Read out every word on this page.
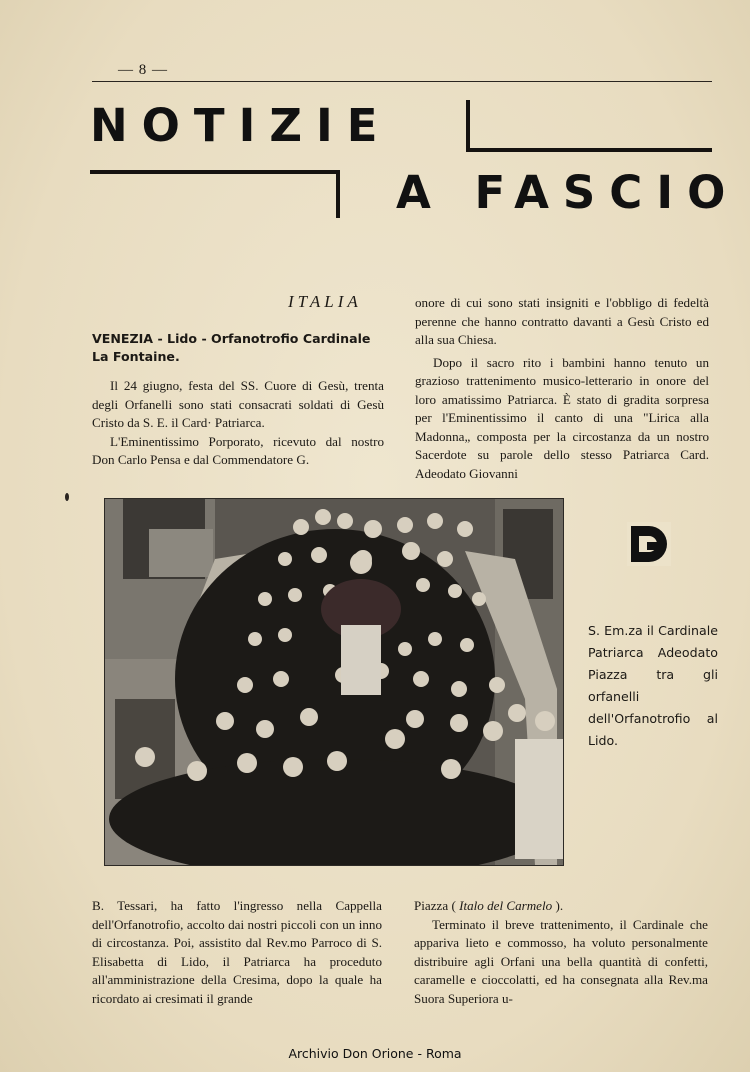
— 8 —
NOTIZIE
A FASCIO
ITALIA
VENEZIA - Lido - Orfanotrofio Cardinale La Fontaine.

Il 24 giugno, festa del SS. Cuore di Gesù, trenta degli Orfanelli sono stati consacrati soldati di Gesù Cristo da S. E. il Card· Patriarca.

L'Eminentissimo Porporato, ricevuto dal nostro Don Carlo Pensa e dal Commendatore G.

onore di cui sono stati insigniti e l'obbligo di fedeltà perenne che hanno contratto davanti a Gesù Cristo ed alla sua Chiesa.

Dopo il sacro rito i bambini hanno tenuto un grazioso trattenimento musico-letterario in onore del loro amatissimo Patriarca. È stato di gradita sorpresa per l'Eminentissimo il canto di una "Lirica alla Madonna„ composta per la circostanza da un nostro Sacerdote su parole dello stesso Patriarca Card. Adeodato Giovanni

S. Em.za il Cardinale Patriarca Adeodato Piazza tra gli orfanelli dell'Orfanotrofio al Lido.

B. Tessari, ha fatto l'ingresso nella Cappella dell'Orfanotrofio, accolto dai nostri piccoli con un inno di circostanza. Poi, assistito dal Rev.mo Parroco di S. Elisabetta di Lido, il Patriarca ha proceduto all'amministrazione della Cresima, dopo la quale ha ricordato ai cresimati il grande

Piazza ( Italo del Carmelo ).

Terminato il breve trattenimento, il Cardinale che appariva lieto e commosso, ha voluto personalmente distribuire agli Orfani una bella quantità di confetti, caramelle e cioccolatti, ed ha consegnata alla Rev.ma Suora Superiora u-

Archivio Don Orione - Roma
